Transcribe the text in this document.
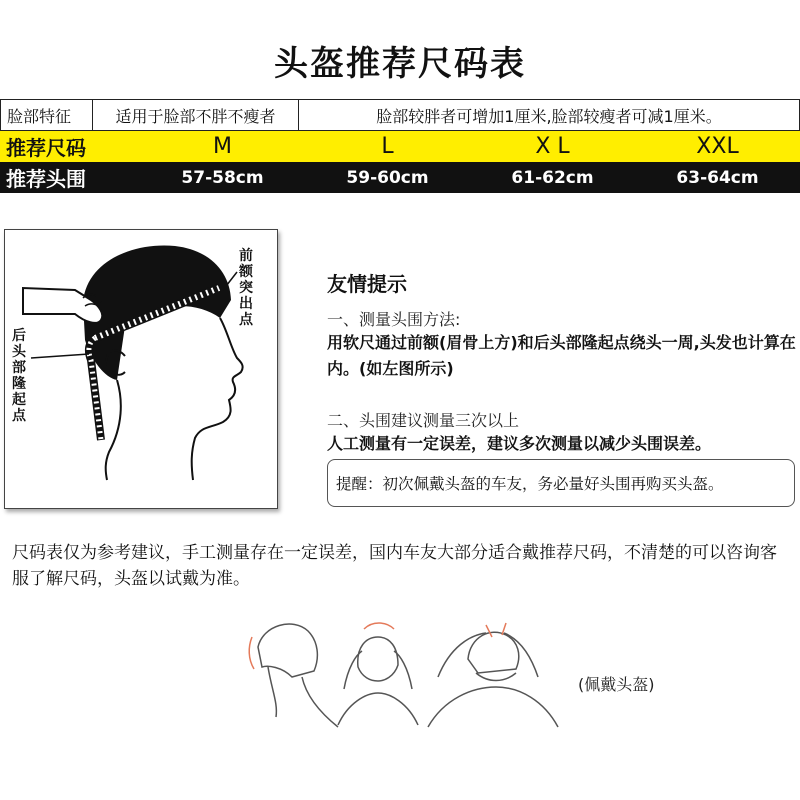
头盔推荐尺码表
脸部特征	适用于脸部不胖不瘦者	脸部较胖者可增加1厘米,脸部较瘦者可减1厘米。
推荐尺码	M	L	X L	XXL
推荐头围	57-58cm	59-60cm	61-62cm	63-64cm
前额突出点
后头部隆起点
友情提示
一、测量头围方法:
用软尺通过前额(眉骨上方)和后头部隆起点绕头一周,头发也计算在内。(如左图所示)
二、头围建议测量三次以上
人工测量有一定误差，建议多次测量以减少头围误差。
提醒：初次佩戴头盔的车友，务必量好头围再购买头盔。
尺码表仅为参考建议，手工测量存在一定误差，国内车友大部分适合戴推荐尺码，不清楚的可以咨询客服了解尺码，头盔以试戴为准。
(佩戴头盔)
